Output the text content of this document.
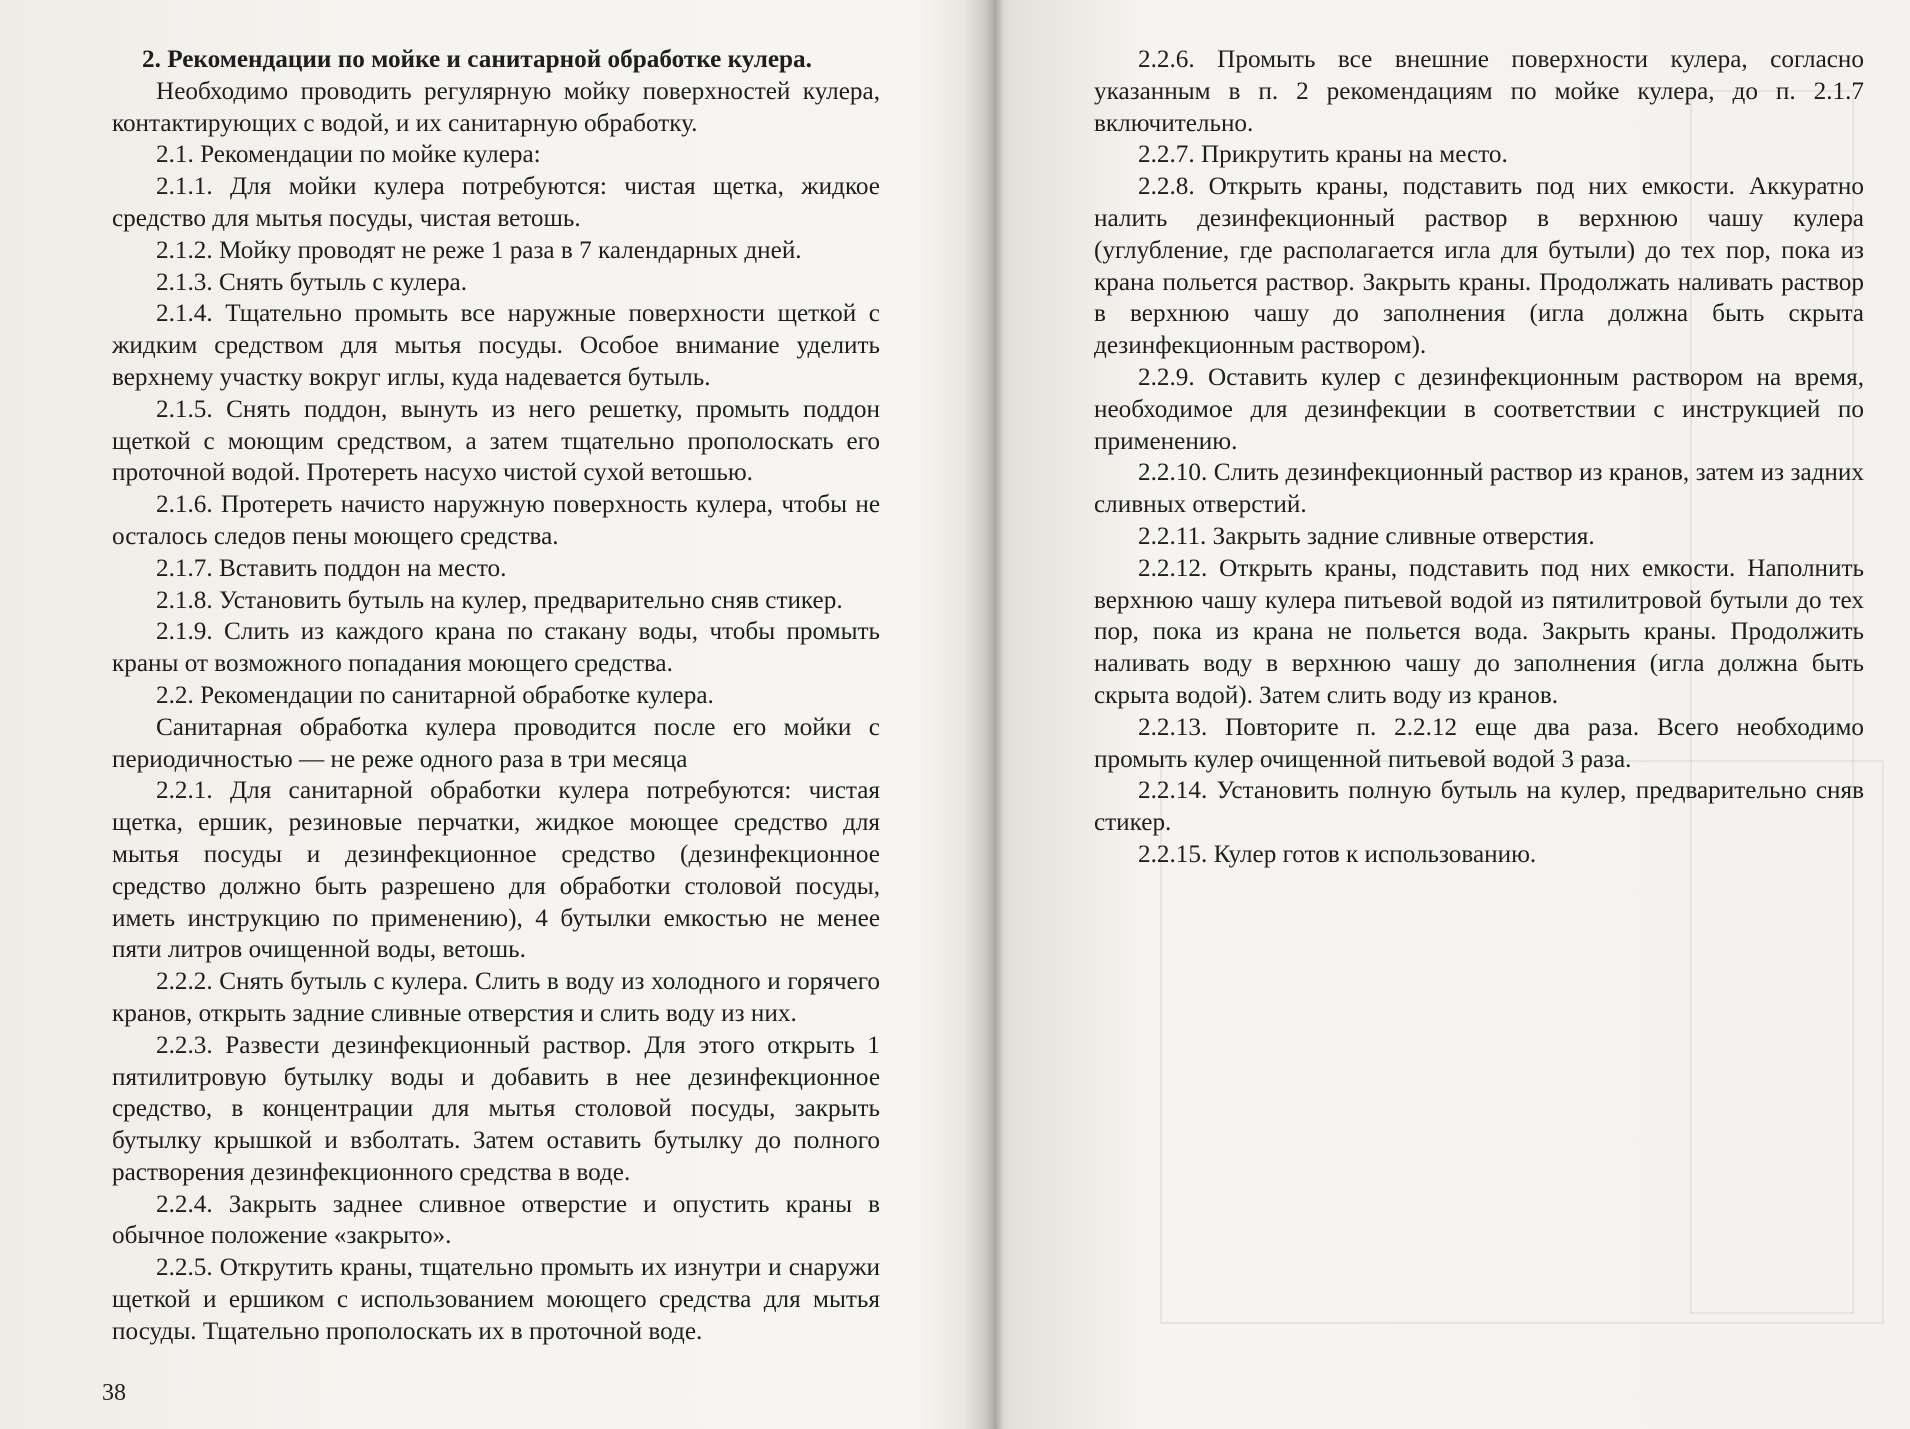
2. Рекомендации по мойке и санитарной обработке кулера.

Необходимо проводить регулярную мойку поверхностей кулера, контактирующих с водой, и их санитарную обработку.

2.1. Рекомендации по мойке кулера:

2.1.1. Для мойки кулера потребуются: чистая щетка, жидкое средство для мытья посуды, чистая ветошь.

2.1.2. Мойку проводят не реже 1 раза в 7 календарных дней.

2.1.3. Снять бутыль с кулера.

2.1.4. Тщательно промыть все наружные поверхности щеткой с жидким средством для мытья посуды. Особое внимание уделить верхнему участку вокруг иглы, куда надевается бутыль.

2.1.5. Снять поддон, вынуть из него решетку, промыть поддон щеткой с моющим средством, а затем тщательно прополоскать его проточной водой. Протереть насухо чистой сухой ветошью.

2.1.6. Протереть начисто наружную поверхность кулера, чтобы не осталось следов пены моющего средства.

2.1.7. Вставить поддон на место.

2.1.8. Установить бутыль на кулер, предварительно сняв стикер.

2.1.9. Слить из каждого крана по стакану воды, чтобы промыть краны от возможного попадания моющего средства.

2.2. Рекомендации по санитарной обработке кулера.

Санитарная обработка кулера проводится после его мойки с периодичностью — не реже одного раза в три месяца

2.2.1. Для санитарной обработки кулера потребуются: чистая щетка, ершик, резиновые перчатки, жидкое моющее средство для мытья посуды и дезинфекционное средство (дезинфекционное средство должно быть разрешено для обработки столовой посуды, иметь инструкцию по применению), 4 бутылки емкостью не менее пяти литров очищенной воды, ветошь.

2.2.2. Снять бутыль с кулера. Слить в воду из холодного и горячего кранов, открыть задние сливные отверстия и слить воду из них.

2.2.3. Развести дезинфекционный раствор. Для этого открыть 1 пятилитровую бутылку воды и добавить в нее дезинфекционное средство, в концентрации для мытья столовой посуды, закрыть бутылку крышкой и взболтать. Затем оставить бутылку до полного растворения дезинфекционного средства в воде.

2.2.4. Закрыть заднее сливное отверстие и опустить краны в обычное положение «закрыто».

2.2.5. Открутить краны, тщательно промыть их изнутри и снаружи щеткой и ершиком с использованием моющего средства для мытья посуды. Тщательно прополоскать их в проточной воде.

38

2.2.6. Промыть все внешние поверхности кулера, согласно указанным в п. 2 рекомендациям по мойке кулера, до п. 2.1.7 включительно.

2.2.7. Прикрутить краны на место.

2.2.8. Открыть краны, подставить под них емкости. Аккуратно налить дезинфекционный раствор в верхнюю чашу кулера (углубление, где располагается игла для бутыли) до тех пор, пока из крана польется раствор. Закрыть краны. Продолжать наливать раствор в верхнюю чашу до заполнения (игла должна быть скрыта дезинфекционным раствором).

2.2.9. Оставить кулер с дезинфекционным раствором на время, необходимое для дезинфекции в соответствии с инструкцией по применению.

2.2.10. Слить дезинфекционный раствор из кранов, затем из задних сливных отверстий.

2.2.11. Закрыть задние сливные отверстия.

2.2.12. Открыть краны, подставить под них емкости. Наполнить верхнюю чашу кулера питьевой водой из пятилитровой бутыли до тех пор, пока из крана не польется вода. Закрыть краны. Продолжить наливать воду в верхнюю чашу до заполнения (игла должна быть скрыта водой). Затем слить воду из кранов.

2.2.13. Повторите п. 2.2.12 еще два раза. Всего необходимо промыть кулер очищенной питьевой водой 3 раза.

2.2.14. Установить полную бутыль на кулер, предварительно сняв стикер.

2.2.15. Кулер готов к использованию.
